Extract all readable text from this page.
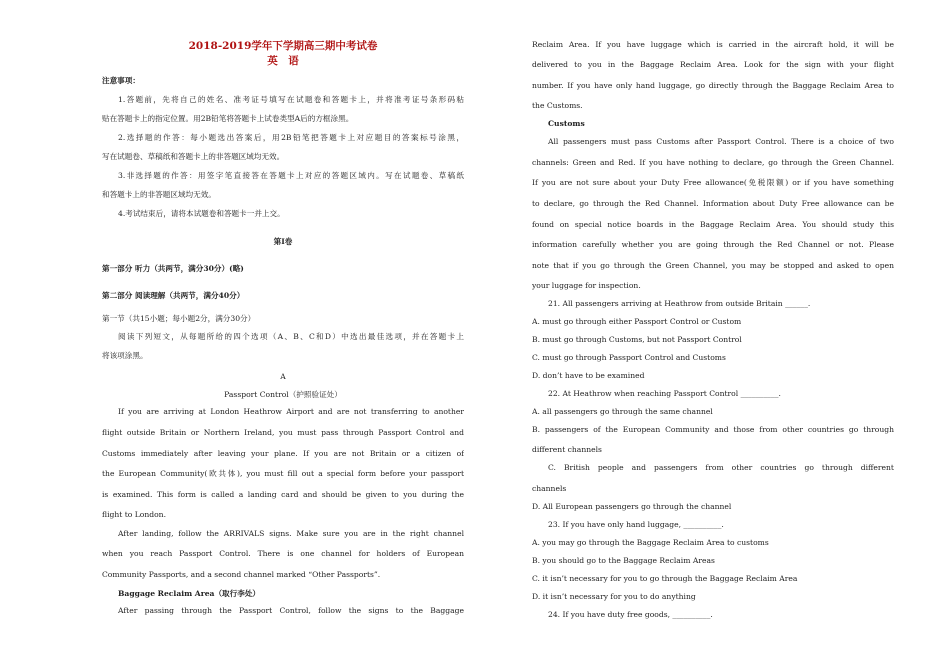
2018-2019学年下学期高三期中考试卷
英　语
注意事项：
1.答题前，先将自己的姓名、准考证号填写在试题卷和答题卡上，并将准考证号条形码粘
贴在答题卡上的指定位置。用2B铅笔将答题卡上试卷类型A后的方框涂黑。
2.选择题的作答：每小题选出答案后，用2B铅笔把答题卡上对应题目的答案标号涂黑，
写在试题卷、草稿纸和答题卡上的非答题区域均无效。
3.非选择题的作答：用签字笔直接答在答题卡上对应的答题区域内。写在试题卷、草稿纸
和答题卡上的非答题区域均无效。
4.考试结束后，请将本试题卷和答题卡一并上交。
第Ⅰ卷
第一部分 听力（共两节，满分30分）(略)
第二部分 阅读理解（共两节，满分40分）
第一节（共15小题；每小题2分，满分30分）
阅读下列短文，从每题所给的四个选项（A、B、C和D）中选出最佳选项，并在答题卡上
将该项涂黑。
A
Passport Control（护照验证处）
If you are arriving at London Heathrow Airport and are not transferring to another
flight outside Britain or Northern Ireland, you must pass through Passport Control and
Customs immediately after leaving your plane. If you are not Britain or a citizen of
the European Community(欧共体), you must fill out a special form before your passport
is examined. This form is called a landing card and should be given to you during the
flight to London.
After landing, follow the ARRIVALS signs. Make sure you are in the right channel
when you reach Passport Control. There is one channel for holders of European
Community Passports, and a second channel marked “Other Passports”.
Baggage Reclaim Area（取行李处）
After passing through the Passport Control, follow the signs to the Baggage
Reclaim Area. If you have luggage which is carried in the aircraft hold, it will be
delivered to you in the Baggage Reclaim Area. Look for the sign with your flight
number. If you have only hand luggage, go directly through the Baggage Reclaim Area to
the Customs.
Customs
All passengers must pass Customs after Passport Control. There is a choice of two
channels: Green and Red. If you have nothing to declare, go through the Green Channel.
If you are not sure about your Duty Free allowance(免税限额) or if you have something
to declare, go through the Red Channel. Information about Duty Free allowance can be
found on special notice boards in the Baggage Reclaim Area. You should study this
information carefully whether you are going through the Red Channel or not. Please
note that if you go through the Green Channel, you may be stopped and asked to open
your luggage for inspection.
21. All passengers arriving at Heathrow from outside Britain ______.
A. must go through either Passport Control or Custom
B. must go through Customs, but not Passport Control
C. must go through Passport Control and Customs
D. don’t have to be examined
22. At Heathrow when reaching Passport Control __________.
A. all passengers go through the same channel
B. passengers of the European Community and those from other countries go through
different channels
C. British people and passengers from other countries go through different
channels
D. All European passengers go through the channel
23. If you have only hand luggage, __________.
A. you may go through the Baggage Reclaim Area to customs
B. you should go to the Baggage Reclaim Areas
C. it isn’t necessary for you to go through the Baggage Reclaim Area
D. it isn’t necessary for you to do anything
24. If you have duty free goods, __________.
